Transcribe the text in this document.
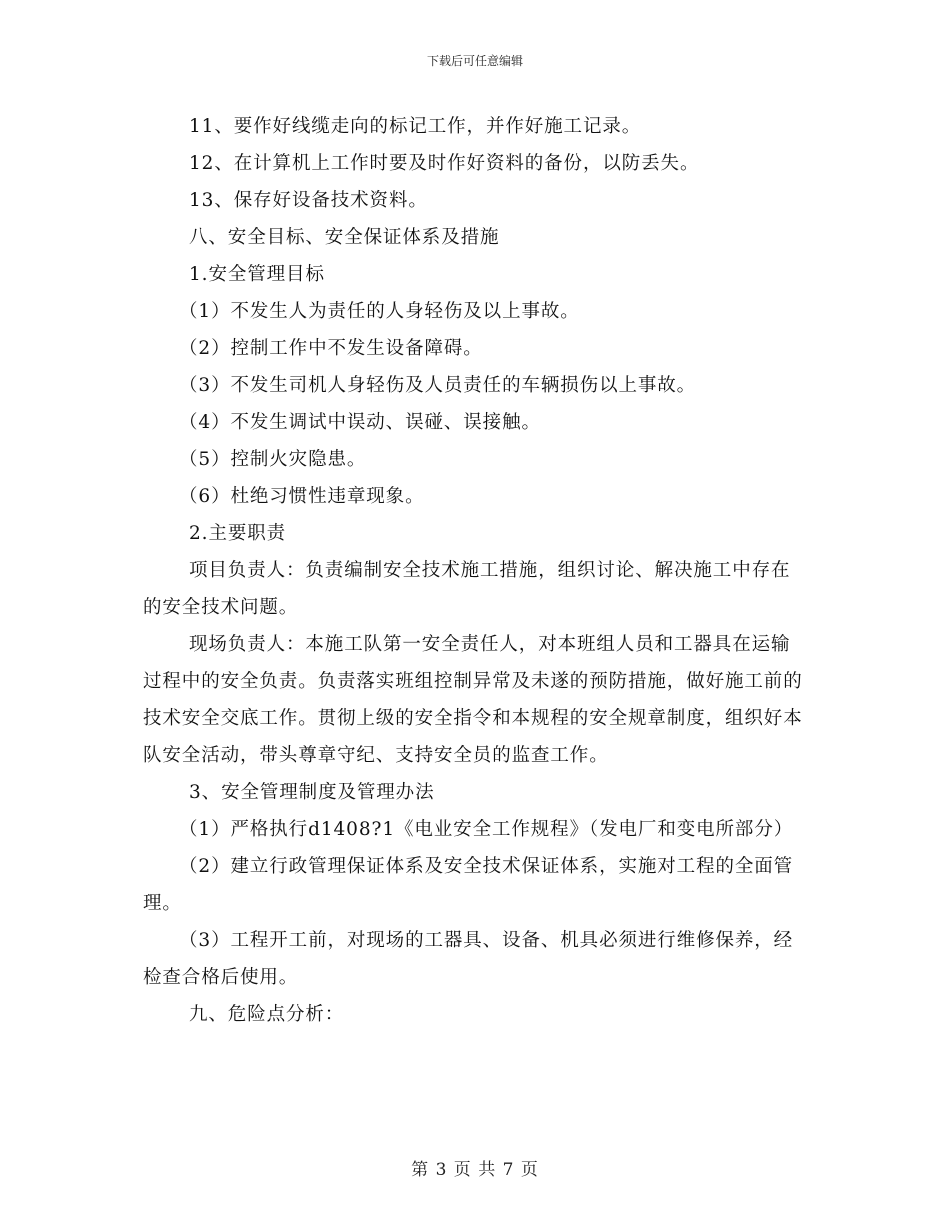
下载后可任意编辑

11、要作好线缆走向的标记工作，并作好施工记录。

12、在计算机上工作时要及时作好资料的备份，以防丢失。

13、保存好设备技术资料。

八、安全目标、安全保证体系及措施

1.安全管理目标

（1）不发生人为责任的人身轻伤及以上事故。

（2）控制工作中不发生设备障碍。

（3）不发生司机人身轻伤及人员责任的车辆损伤以上事故。

（4）不发生调试中误动、误碰、误接触。

（5）控制火灾隐患。

（6）杜绝习惯性违章现象。

2.主要职责

项目负责人：负责编制安全技术施工措施，组织讨论、解决施工中存在的安全技术问题。

现场负责人：本施工队第一安全责任人，对本班组人员和工器具在运输过程中的安全负责。负责落实班组控制异常及未遂的预防措施，做好施工前的技术安全交底工作。贯彻上级的安全指令和本规程的安全规章制度，组织好本队安全活动，带头尊章守纪、支持安全员的监查工作。

3、安全管理制度及管理办法

（1）严格执行d1408?1《电业安全工作规程》（发电厂和变电所部分）

（2）建立行政管理保证体系及安全技术保证体系，实施对工程的全面管理。

（3）工程开工前，对现场的工器具、设备、机具必须进行维修保养，经检查合格后使用。

九、危险点分析：

第 3 页 共 7 页
